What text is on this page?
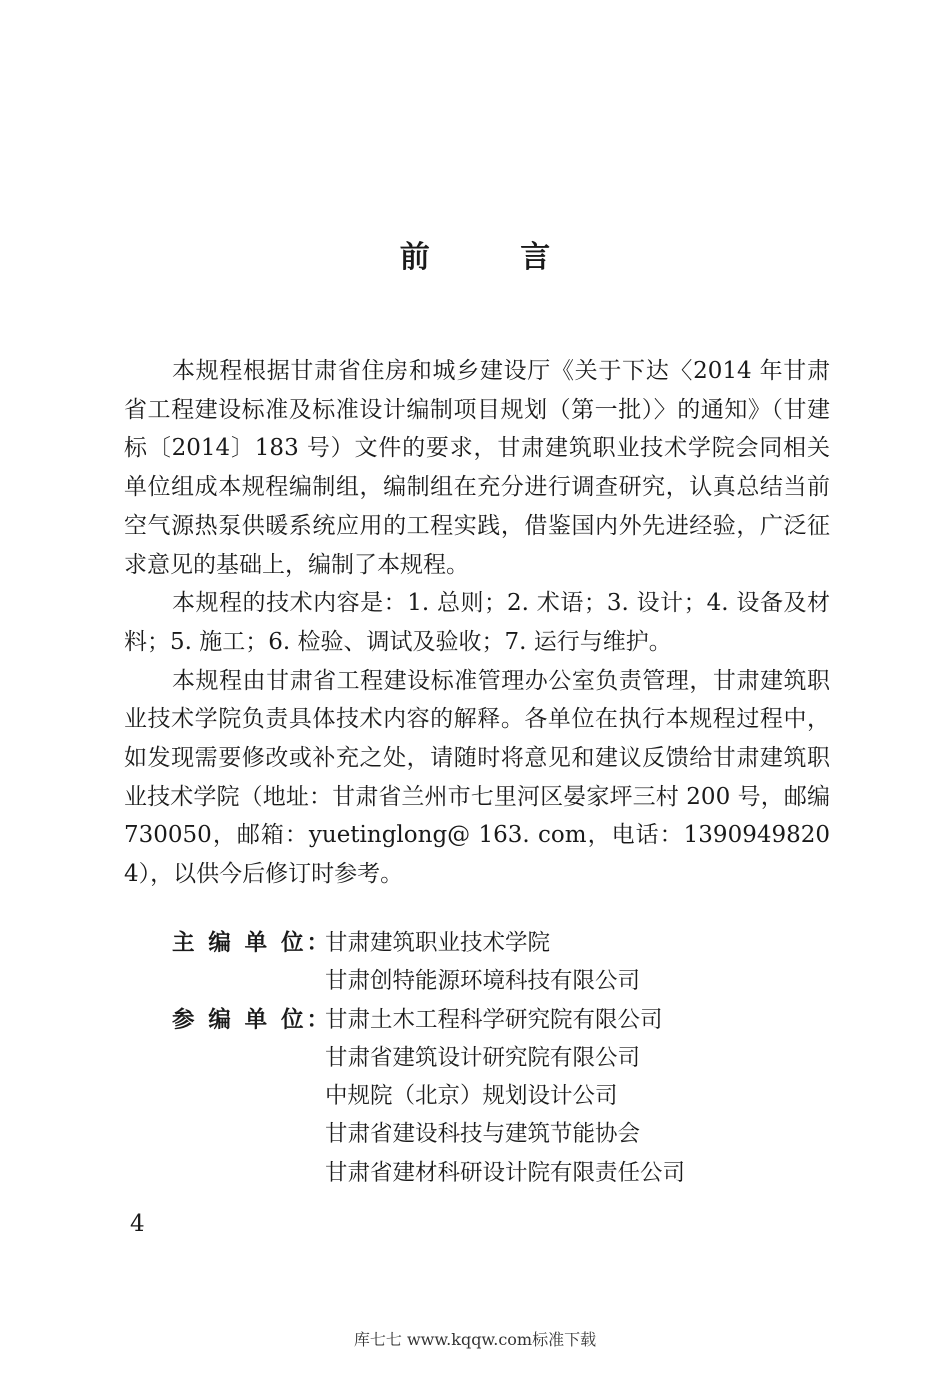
前 言

本规程根据甘肃省住房和城乡建设厅《关于下达〈2014 年甘肃省工程建设标准及标准设计编制项目规划（第一批）〉的通知》（甘建标〔2014〕183 号）文件的要求，甘肃建筑职业技术学院会同相关单位组成本规程编制组，编制组在充分进行调查研究，认真总结当前空气源热泵供暖系统应用的工程实践，借鉴国内外先进经验，广泛征求意见的基础上，编制了本规程。

本规程的技术内容是：1. 总则；2. 术语；3. 设计；4. 设备及材料；5. 施工；6. 检验、调试及验收；7. 运行与维护。

本规程由甘肃省工程建设标准管理办公室负责管理，甘肃建筑职业技术学院负责具体技术内容的解释。各单位在执行本规程过程中，如发现需要修改或补充之处，请随时将意见和建议反馈给甘肃建筑职业技术学院（地址：甘肃省兰州市七里河区晏家坪三村 200 号，邮编 730050，邮箱：yuetinglong@ 163. com，电话：13909498204），以供今后修订时参考。

主 编 单 位：
甘肃建筑职业技术学院
甘肃创特能源环境科技有限公司
参 编 单 位：
甘肃土木工程科学研究院有限公司
甘肃省建筑设计研究院有限公司
中规院（北京）规划设计公司
甘肃省建设科技与建筑节能协会
甘肃省建材科研设计院有限责任公司
4
库七七 www.kqqw.com标准下载
